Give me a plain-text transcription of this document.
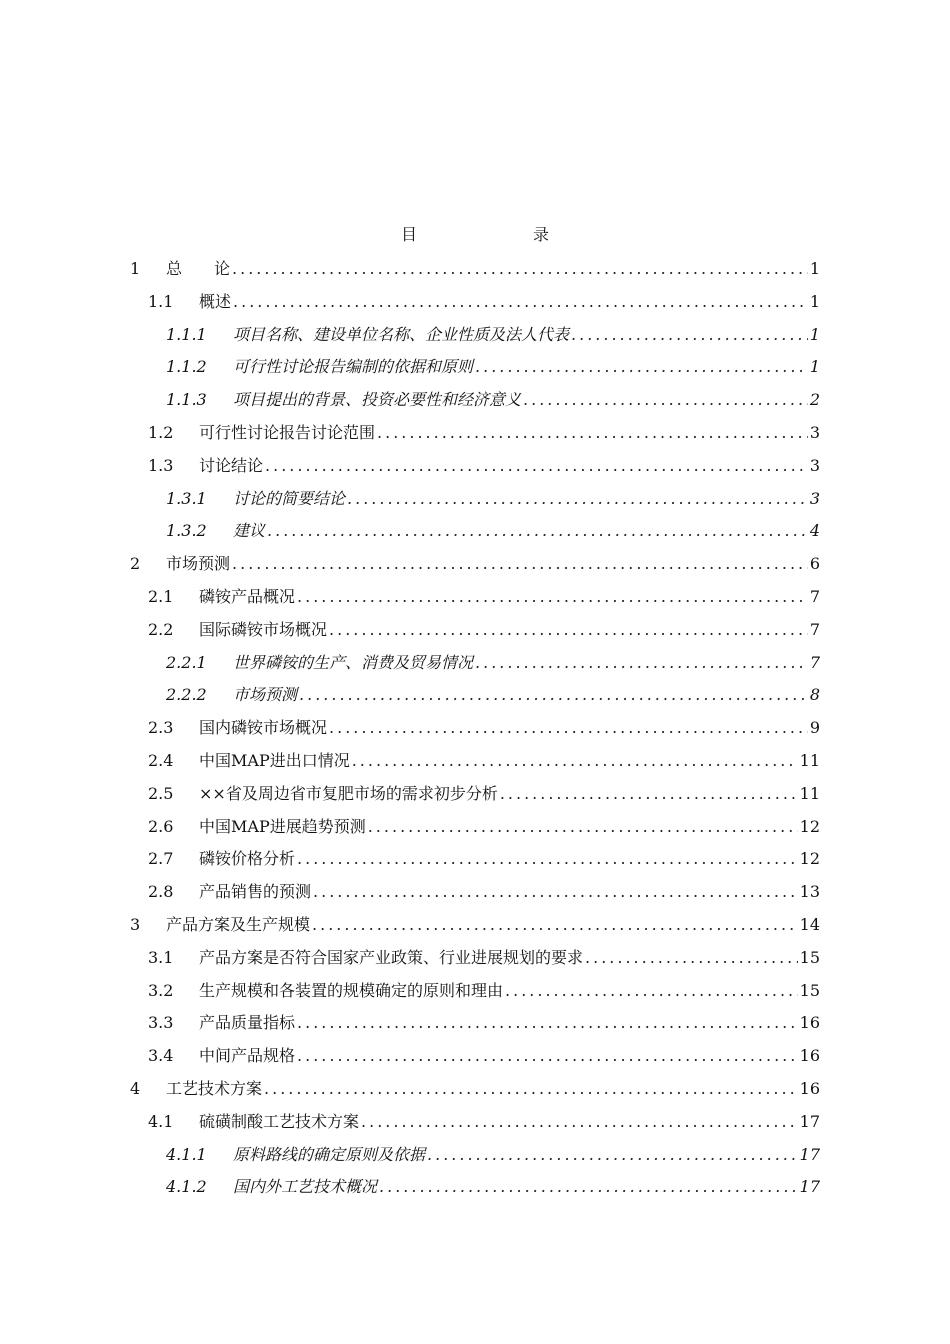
目　　录
1	总　　论 .....	1
1.1	概述 .....	1
1.1.1	项目名称、建设单位名称、企业性质及法人代表 .....	1
1.1.2	可行性讨论报告编制的依据和原则 .....	1
1.1.3	项目提出的背景、投资必要性和经济意义 .....	2
1.2	可行性讨论报告讨论范围 .....	3
1.3	讨论结论 .....	3
1.3.1	讨论的简要结论 .....	3
1.3.2	建议 .....	4
2	市场预测 .....	6
2.1	磷铵产品概况 .....	7
2.2	国际磷铵市场概况 .....	7
2.2.1	世界磷铵的生产、消费及贸易情况 .....	7
2.2.2	市场预测 .....	8
2.3	国内磷铵市场概况 .....	9
2.4	中国MAP进出口情况 .....	11
2.5	××省及周边省市复肥市场的需求初步分析 .....	11
2.6	中国MAP进展趋势预测 .....	12
2.7	磷铵价格分析 .....	12
2.8	产品销售的预测 .....	13
3	产品方案及生产规模 .....	14
3.1	产品方案是否符合国家产业政策、行业进展规划的要求 .....	15
3.2	生产规模和各装置的规模确定的原则和理由 .....	15
3.3	产品质量指标 .....	16
3.4	中间产品规格 .....	16
4	工艺技术方案 .....	16
4.1	硫磺制酸工艺技术方案 .....	17
4.1.1	原料路线的确定原则及依据 .....	17
4.1.2	国内外工艺技术概况 .....	17
